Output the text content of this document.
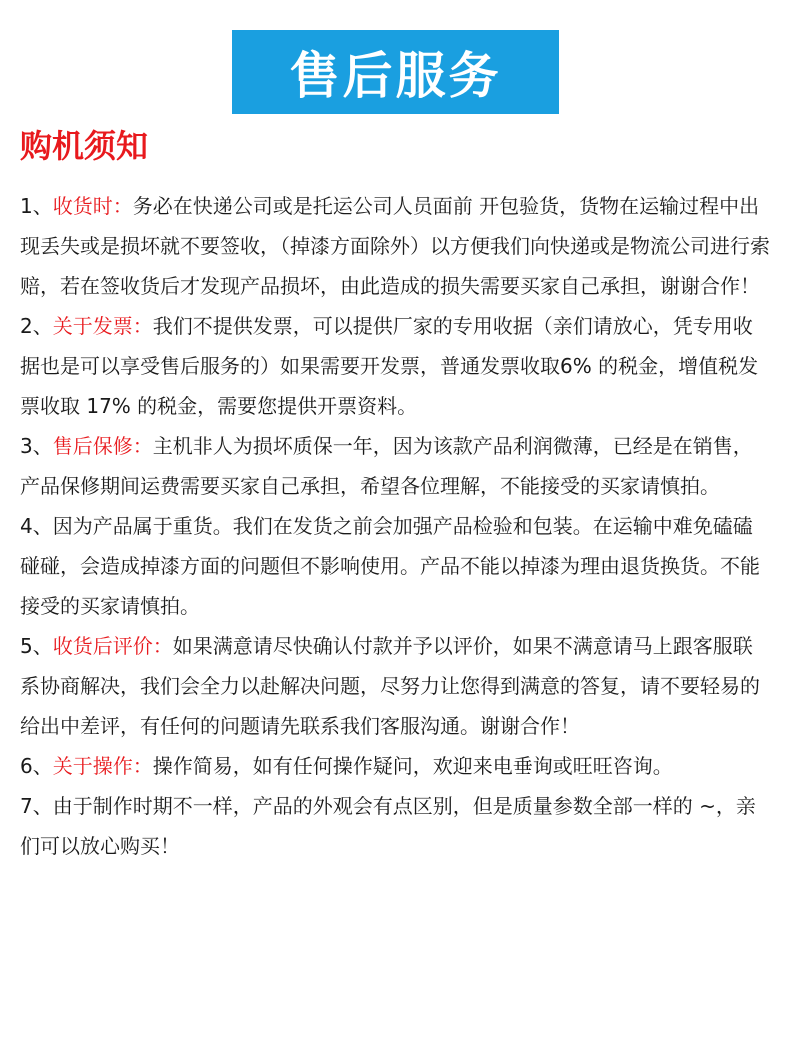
售后服务
购机须知

1、收货时：务必在快递公司或是托运公司人员面前 开包验货，货物在运输过程中出现丢失或是损坏就不要签收，（掉漆方面除外）以方便我们向快递或是物流公司进行索赔，若在签收货后才发现产品损坏，由此造成的损失需要买家自己承担，谢谢合作！

2、关于发票：我们不提供发票，可以提供厂家的专用收据（亲们请放心，凭专用收据也是可以享受售后服务的）如果需要开发票，普通发票收取6% 的税金，增值税发票收取 17% 的税金，需要您提供开票资料。

3、售后保修：主机非人为损坏质保一年，因为该款产品利润微薄，已经是在销售，产品保修期间运费需要买家自己承担，希望各位理解，不能接受的买家请慎拍。

4、因为产品属于重货。我们在发货之前会加强产品检验和包装。在运输中难免磕磕碰碰，会造成掉漆方面的问题但不影响使用。产品不能以掉漆为理由退货换货。不能接受的买家请慎拍。

5、收货后评价：如果满意请尽快确认付款并予以评价，如果不满意请马上跟客服联系协商解决，我们会全力以赴解决问题，尽努力让您得到满意的答复，请不要轻易的给出中差评，有任何的问题请先联系我们客服沟通。谢谢合作！

6、关于操作：操作简易，如有任何操作疑问，欢迎来电垂询或旺旺咨询。

7、由于制作时期不一样，产品的外观会有点区别，但是质量参数全部一样的 ~，亲们可以放心购买！
